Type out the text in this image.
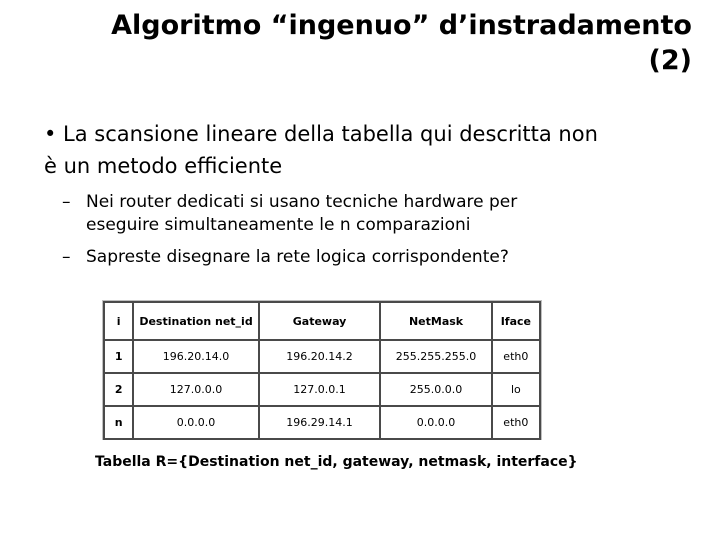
Algoritmo “ingenuo” d’instradamento
(2)
• La scansione lineare della tabella qui descritta non
è un metodo efficiente
– Nei router dedicati si usano tecniche hardware per
eseguire simultaneamente le n comparazioni
– Sapreste disegnare la rete logica corrispondente?
i	Destination net_id	Gateway	NetMask	Iface
1	196.20.14.0	196.20.14.2	255.255.255.0	eth0
2	127.0.0.0	127.0.0.1	255.0.0.0	lo
n	0.0.0.0	196.29.14.1	0.0.0.0	eth0
Tabella R={Destination net_id, gateway, netmask, interface}
